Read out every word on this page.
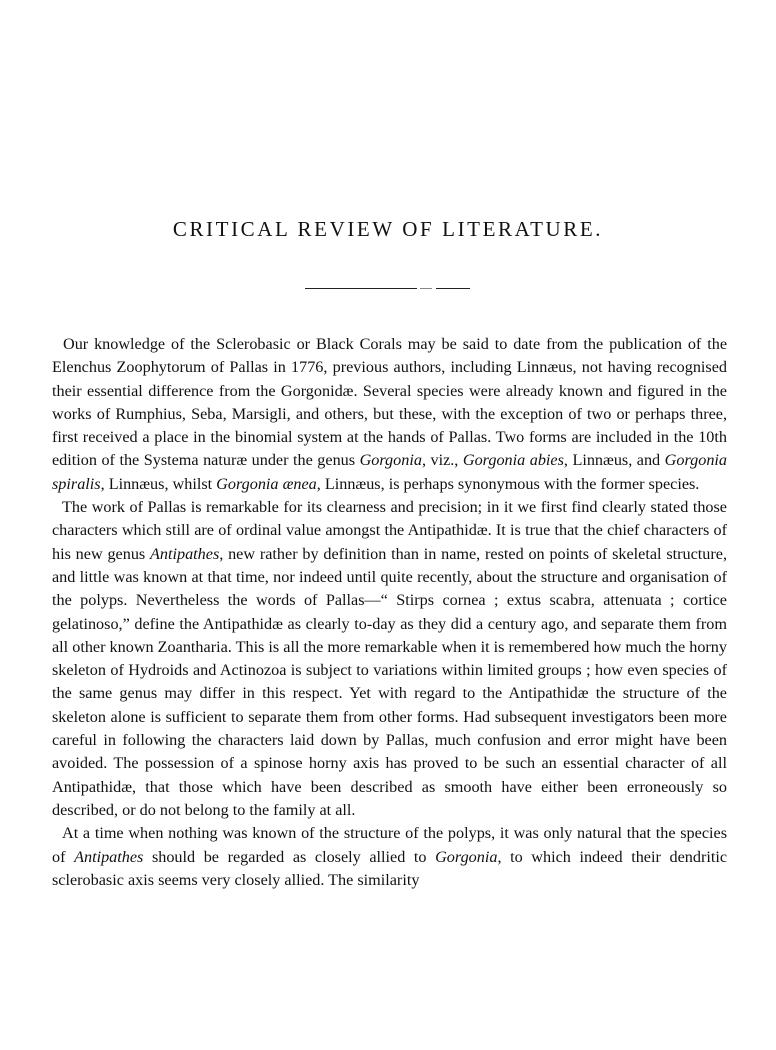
CRITICAL REVIEW OF LITERATURE.

Our knowledge of the Sclerobasic or Black Corals may be said to date from the publication of the Elenchus Zoophytorum of Pallas in 1776, previous authors, including Linnæus, not having recognised their essential difference from the Gorgonidæ. Several species were already known and figured in the works of Rumphius, Seba, Marsigli, and others, but these, with the exception of two or perhaps three, first received a place in the binomial system at the hands of Pallas. Two forms are included in the 10th edition of the Systema naturæ under the genus Gorgonia, viz., Gorgonia abies, Linnæus, and Gorgonia spiralis, Linnæus, whilst Gorgonia ænea, Linnæus, is perhaps synonymous with the former species.

The work of Pallas is remarkable for its clearness and precision; in it we first find clearly stated those characters which still are of ordinal value amongst the Antipathidæ. It is true that the chief characters of his new genus Antipathes, new rather by definition than in name, rested on points of skeletal structure, and little was known at that time, nor indeed until quite recently, about the structure and organisation of the polyps. Nevertheless the words of Pallas—“ Stirps cornea ; extus scabra, attenuata ; cortice gelatinoso,” define the Antipathidæ as clearly to-day as they did a century ago, and separate them from all other known Zoantharia. This is all the more remarkable when it is remembered how much the horny skeleton of Hydroids and Actinozoa is subject to variations within limited groups ; how even species of the same genus may differ in this respect. Yet with regard to the Antipathidæ the structure of the skeleton alone is sufficient to separate them from other forms. Had subsequent investigators been more careful in following the characters laid down by Pallas, much confusion and error might have been avoided. The possession of a spinose horny axis has proved to be such an essential character of all Antipathidæ, that those which have been described as smooth have either been erroneously so described, or do not belong to the family at all.

At a time when nothing was known of the structure of the polyps, it was only natural that the species of Antipathes should be regarded as closely allied to Gorgonia, to which indeed their dendritic sclerobasic axis seems very closely allied. The similarity
